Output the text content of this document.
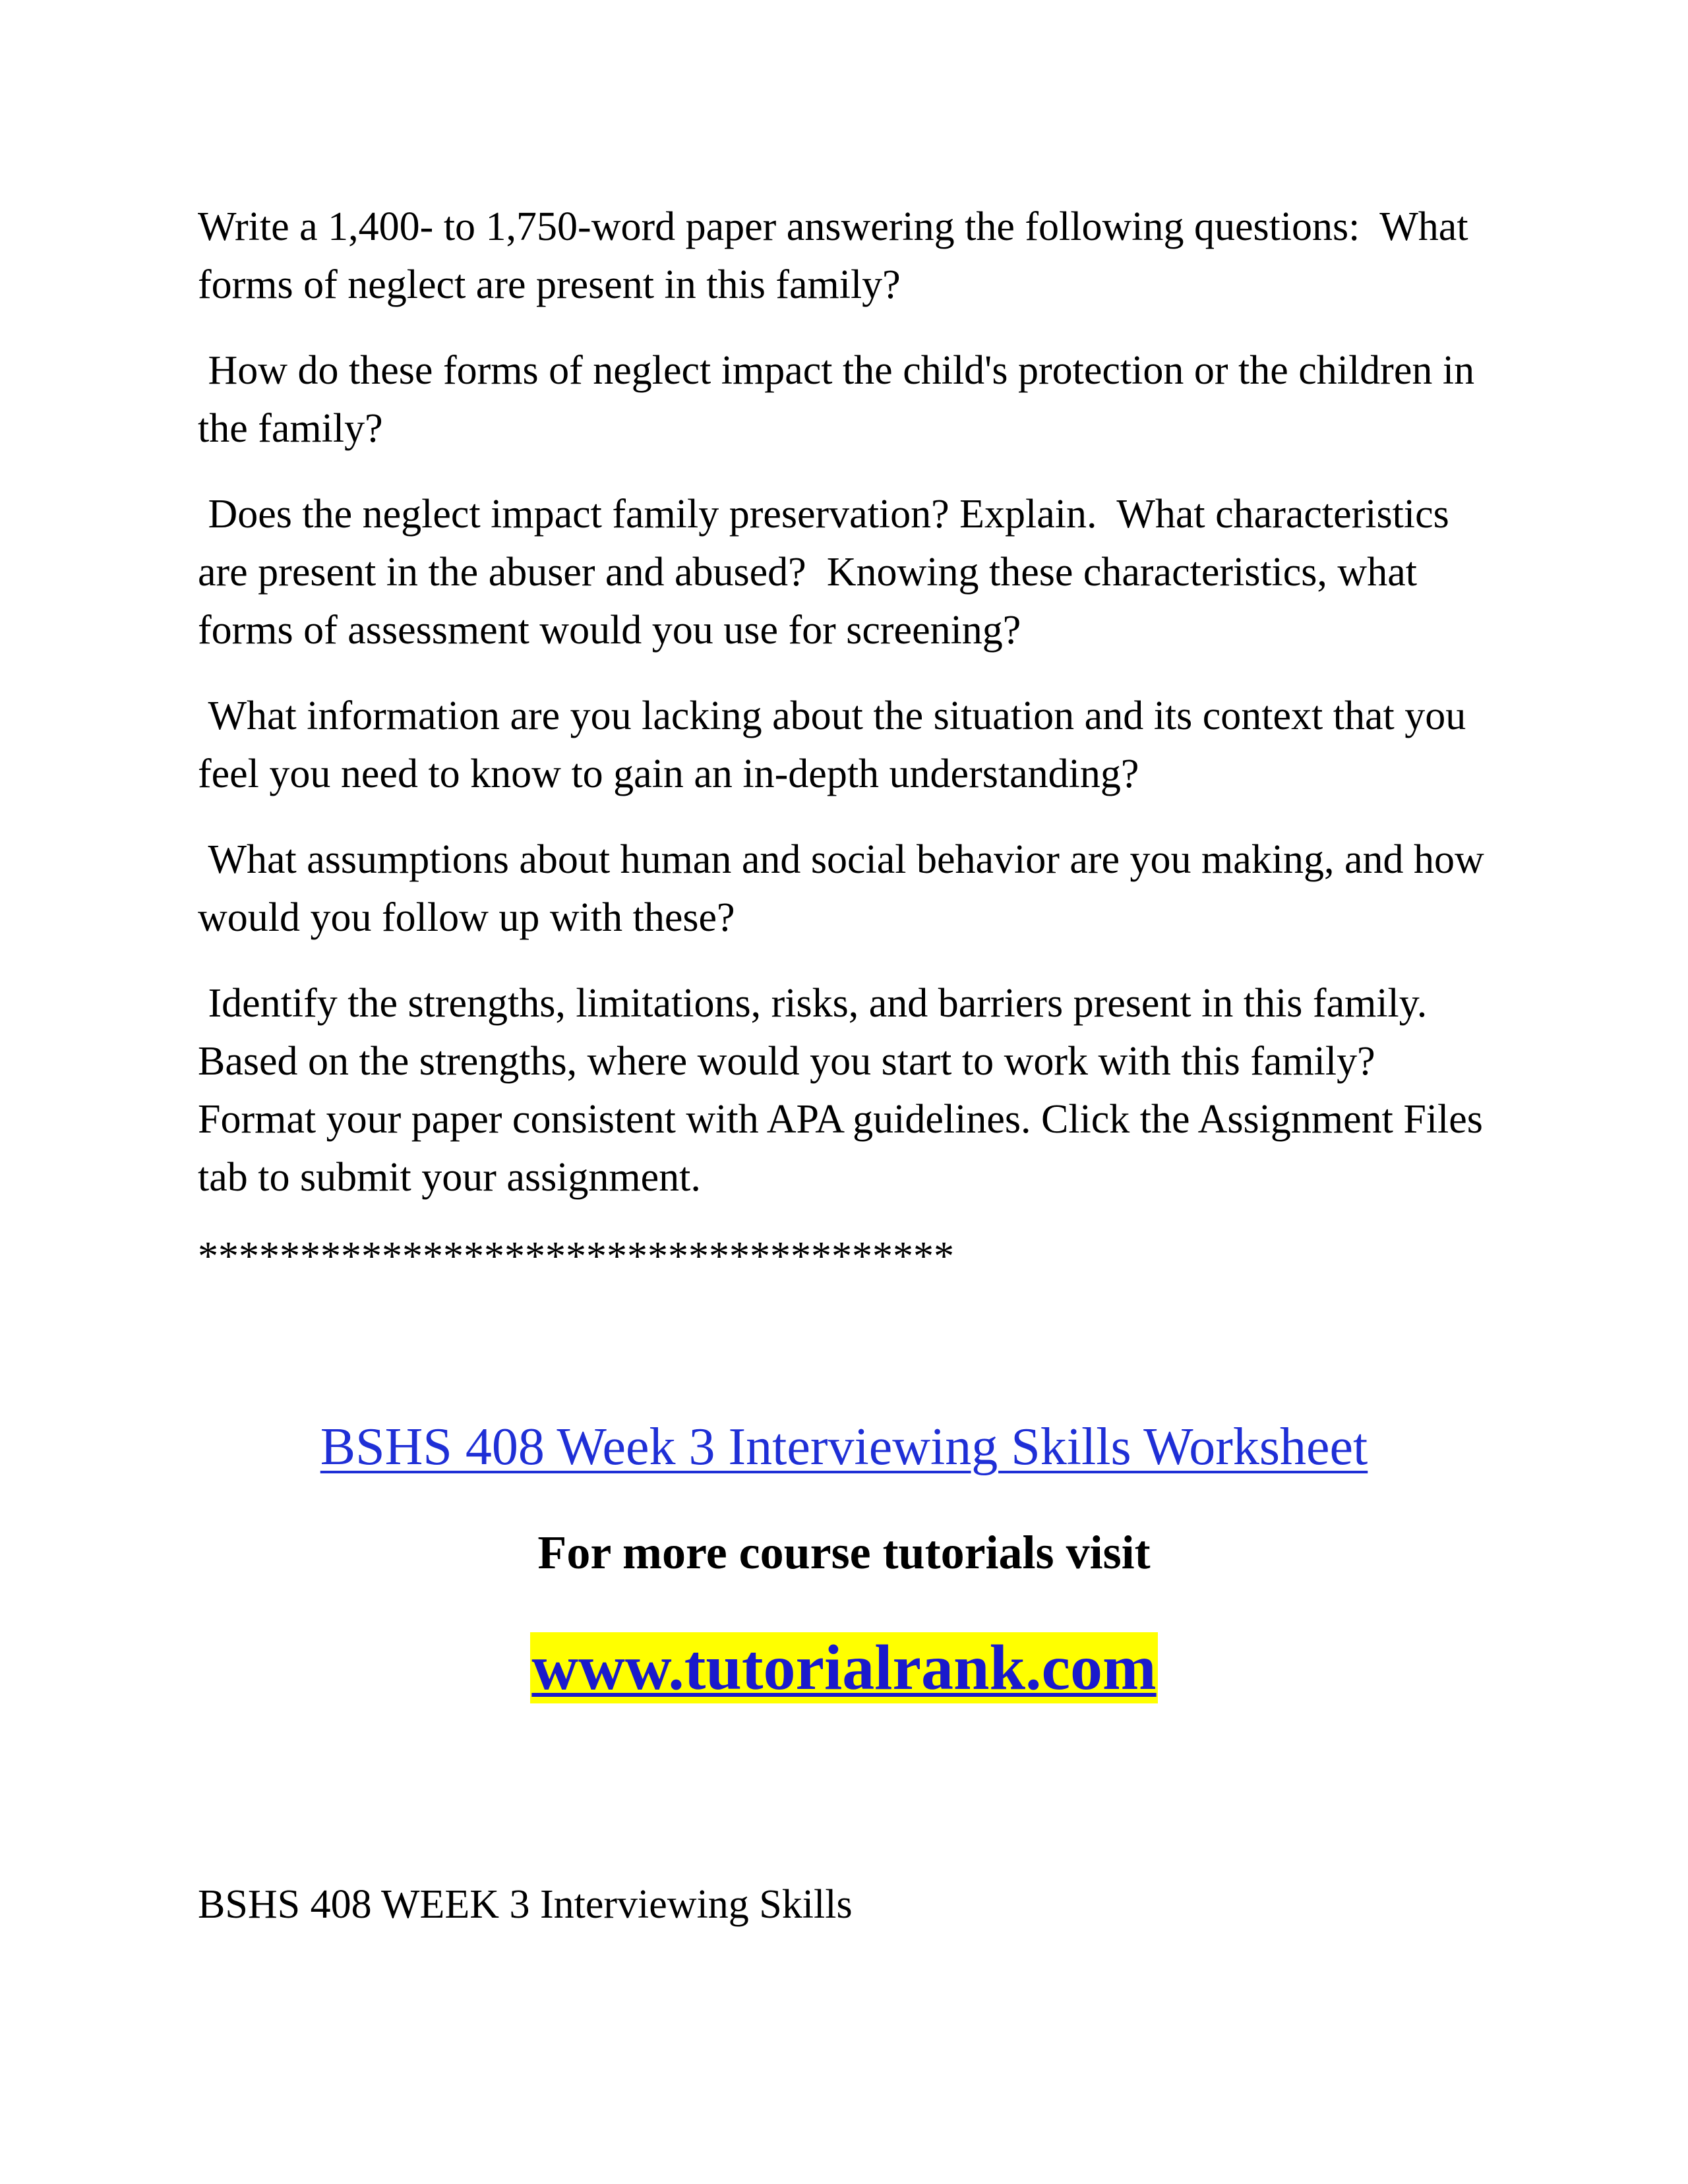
Write a 1,400- to 1,750-word paper answering the following questions:  What forms of neglect are present in this family?

How do these forms of neglect impact the child's protection or the children in the family?

Does the neglect impact family preservation? Explain.  What characteristics are present in the abuser and abused?  Knowing these characteristics, what forms of assessment would you use for screening?

What information are you lacking about the situation and its context that you feel you need to know to gain an in-depth understanding?

What assumptions about human and social behavior are you making, and how would you follow up with these?

Identify the strengths, limitations, risks, and barriers present in this family. Based on the strengths, where would you start to work with this family? Format your paper consistent with APA guidelines. Click the Assignment Files tab to submit your assignment.

*************************************
BSHS 408 Week 3 Interviewing Skills Worksheet
For more course tutorials visit
www.tutorialrank.com
BSHS 408 WEEK 3 Interviewing Skills
